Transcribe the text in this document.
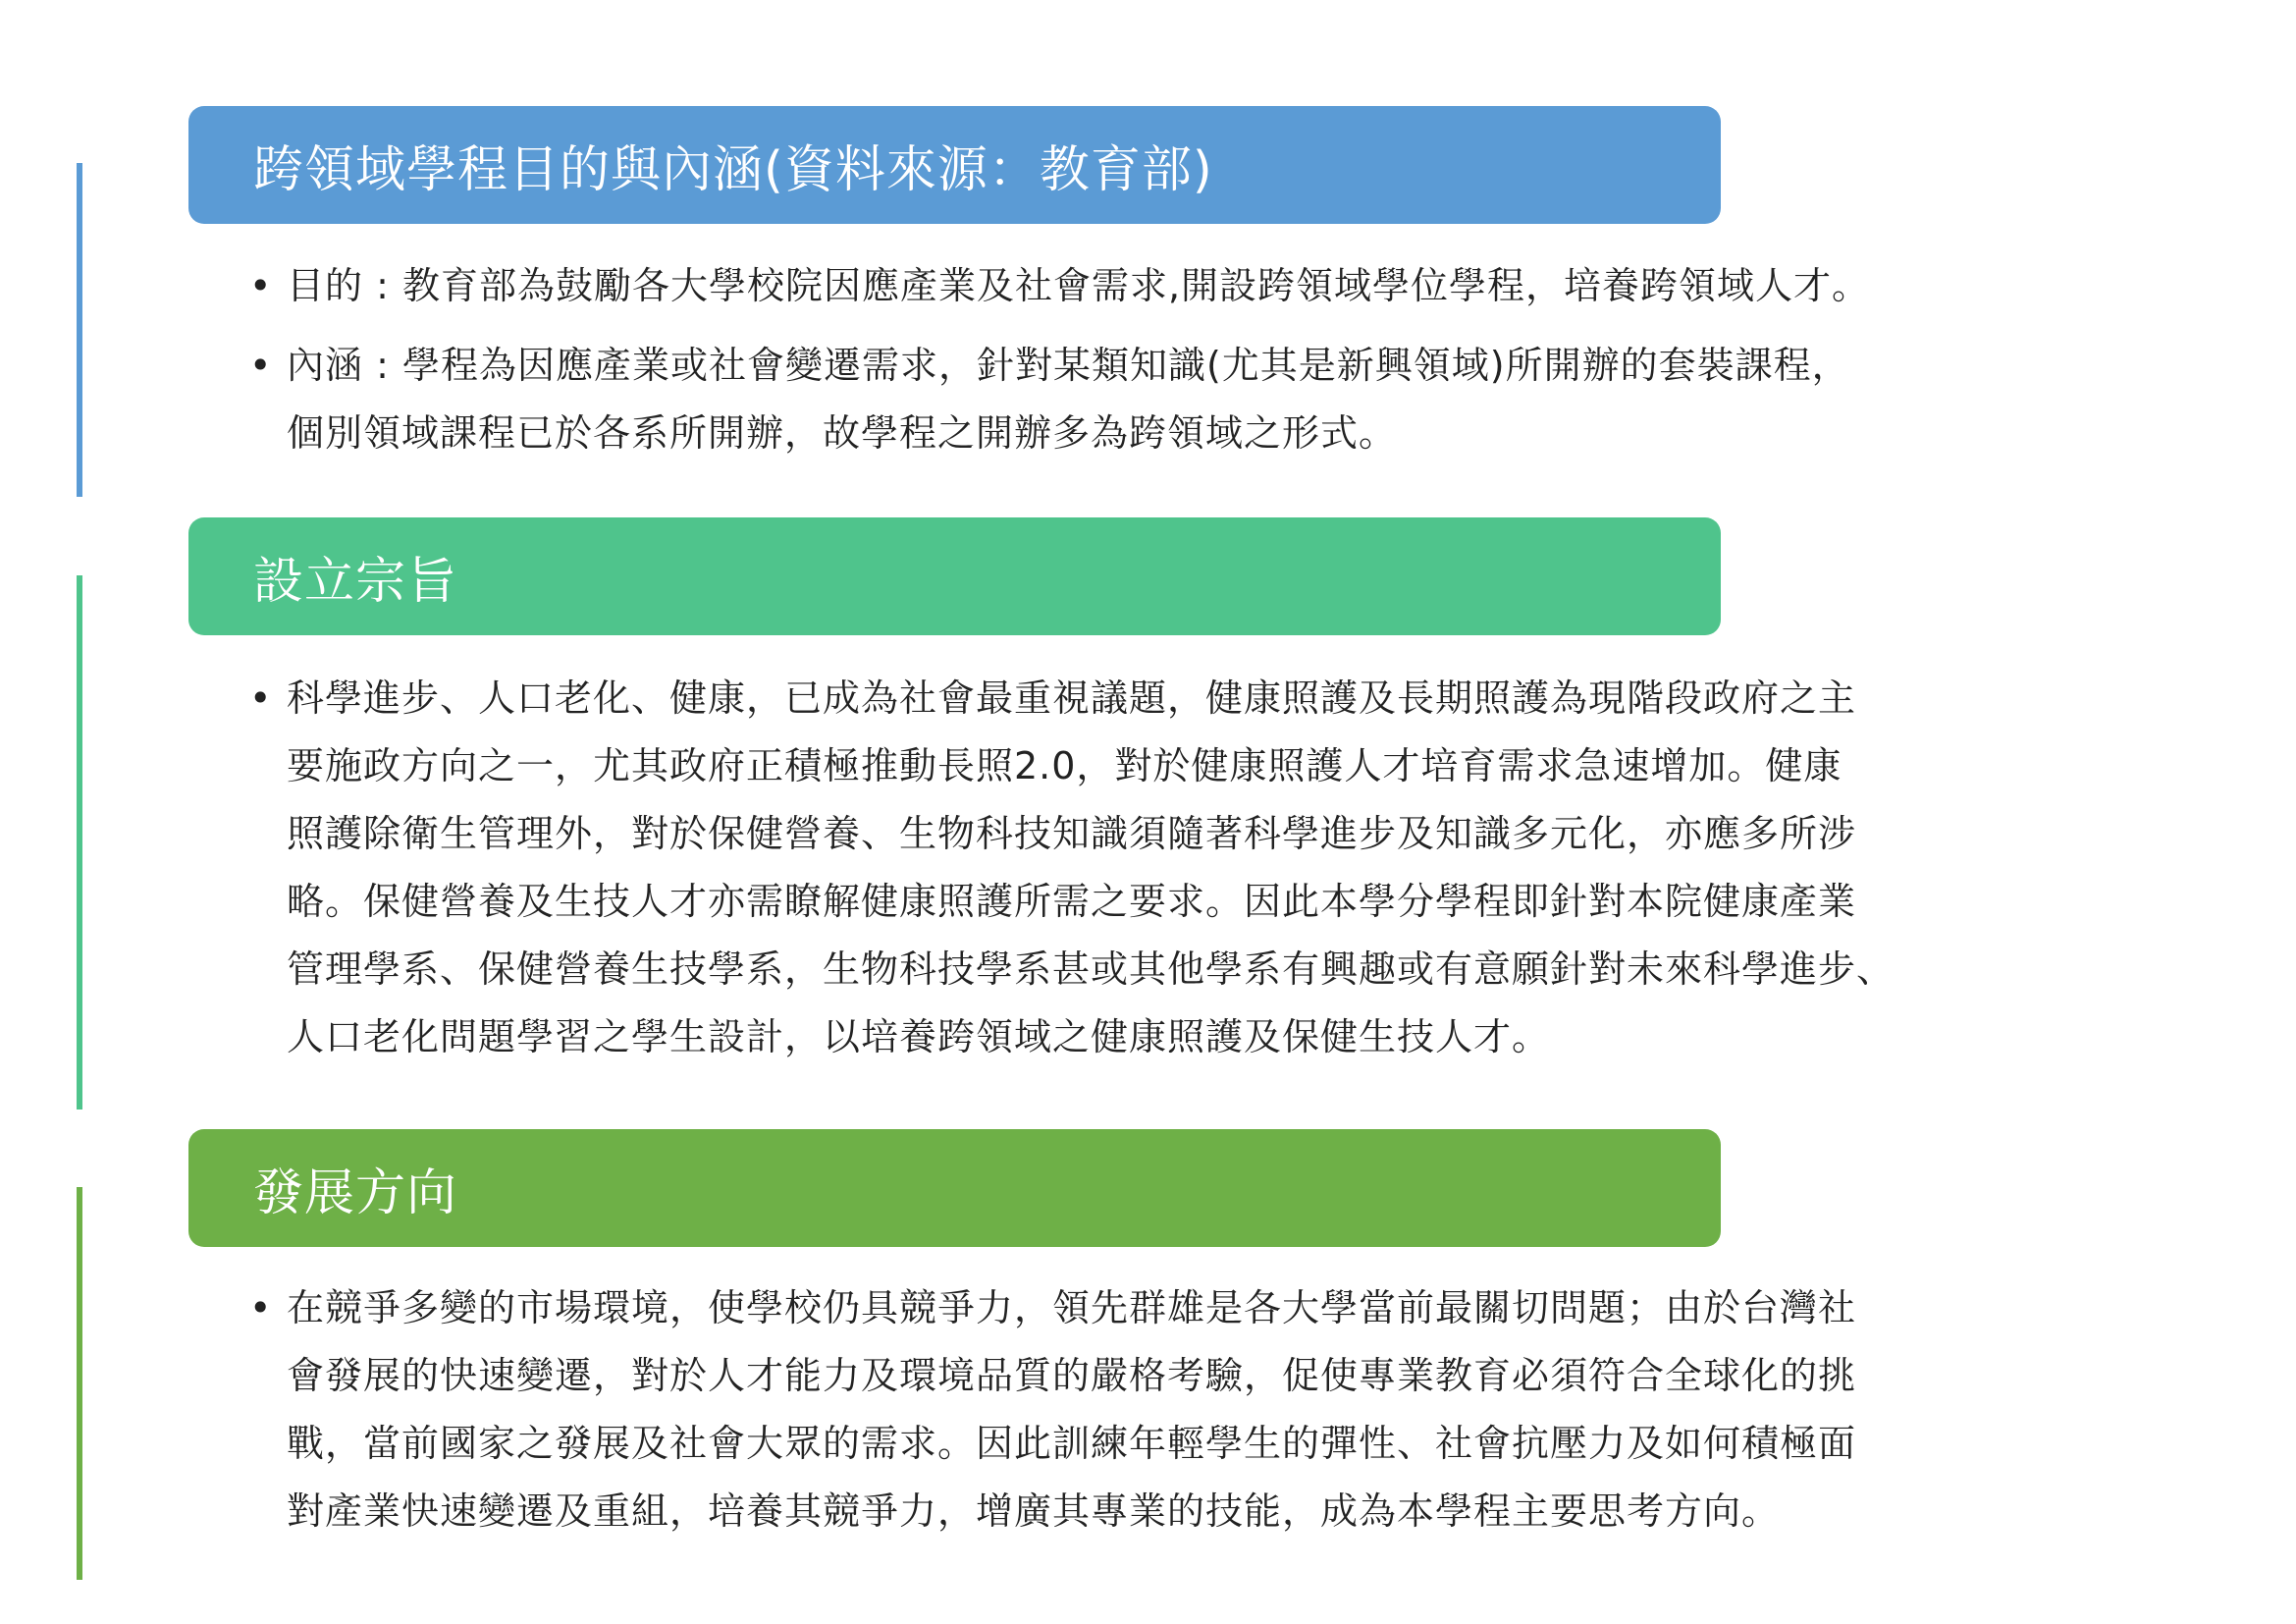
跨領域學程目的與內涵(資料來源：教育部)
• 目的 : 教育部為鼓勵各大學校院因應產業及社會需求,開設跨領域學位學程，培養跨領域人才。
• 內涵 : 學程為因應產業或社會變遷需求，針對某類知識(尤其是新興領域)所開辦的套裝課程，
個別領域課程已於各系所開辦，故學程之開辦多為跨領域之形式。
設立宗旨
• 科學進步、人口老化、健康，已成為社會最重視議題，健康照護及長期照護為現階段政府之主
要施政方向之一，尤其政府正積極推動長照2.0，對於健康照護人才培育需求急速增加。健康
照護除衛生管理外，對於保健營養、生物科技知識須隨著科學進步及知識多元化，亦應多所涉
略。保健營養及生技人才亦需瞭解健康照護所需之要求。因此本學分學程即針對本院健康產業
管理學系、保健營養生技學系，生物科技學系甚或其他學系有興趣或有意願針對未來科學進步、
人口老化問題學習之學生設計，以培養跨領域之健康照護及保健生技人才。
發展方向
• 在競爭多變的市場環境，使學校仍具競爭力，領先群雄是各大學當前最關切問題；由於台灣社
會發展的快速變遷，對於人才能力及環境品質的嚴格考驗，促使專業教育必須符合全球化的挑
戰，當前國家之發展及社會大眾的需求。因此訓練年輕學生的彈性、社會抗壓力及如何積極面
對產業快速變遷及重組，培養其競爭力，增廣其專業的技能，成為本學程主要思考方向。
